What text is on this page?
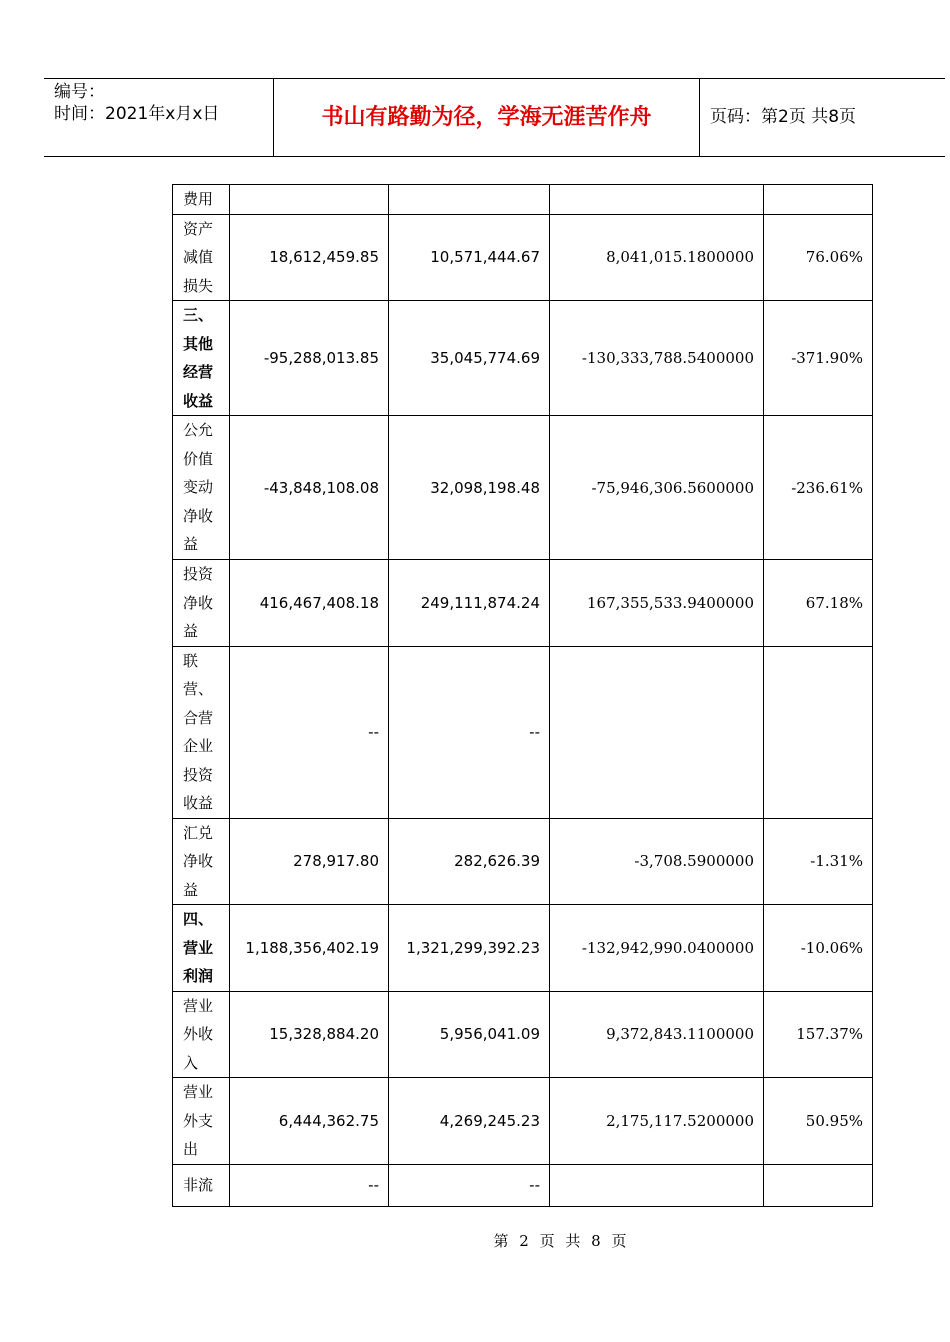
编号：
时间：2021年x月x日	书山有路勤为径，学海无涯苦作舟	页码：第2页 共8页
费用				

资产减值损失	18,612,459.85	10,571,444.67	8,041,015.1800000	76.06%

三、其他经营收益	-95,288,013.85	35,045,774.69	-130,333,788.5400000	-371.90%

公允价值变动净收益	-43,848,108.08	32,098,198.48	-75,946,306.5600000	-236.61%

投资净收益	416,467,408.18	249,111,874.24	167,355,533.9400000	67.18%

联营、合营企业投资收益	--	--		

汇兑净收益	278,917.80	282,626.39	-3,708.5900000	-1.31%

四、营业利润	1,188,356,402.19	1,321,299,392.23	-132,942,990.0400000	-10.06%

营业外收入	15,328,884.20	5,956,041.09	9,372,843.1100000	157.37%

营业外支出	6,444,362.75	4,269,245.23	2,175,117.5200000	50.95%

非流	--	--		
第 2 页 共 8 页
